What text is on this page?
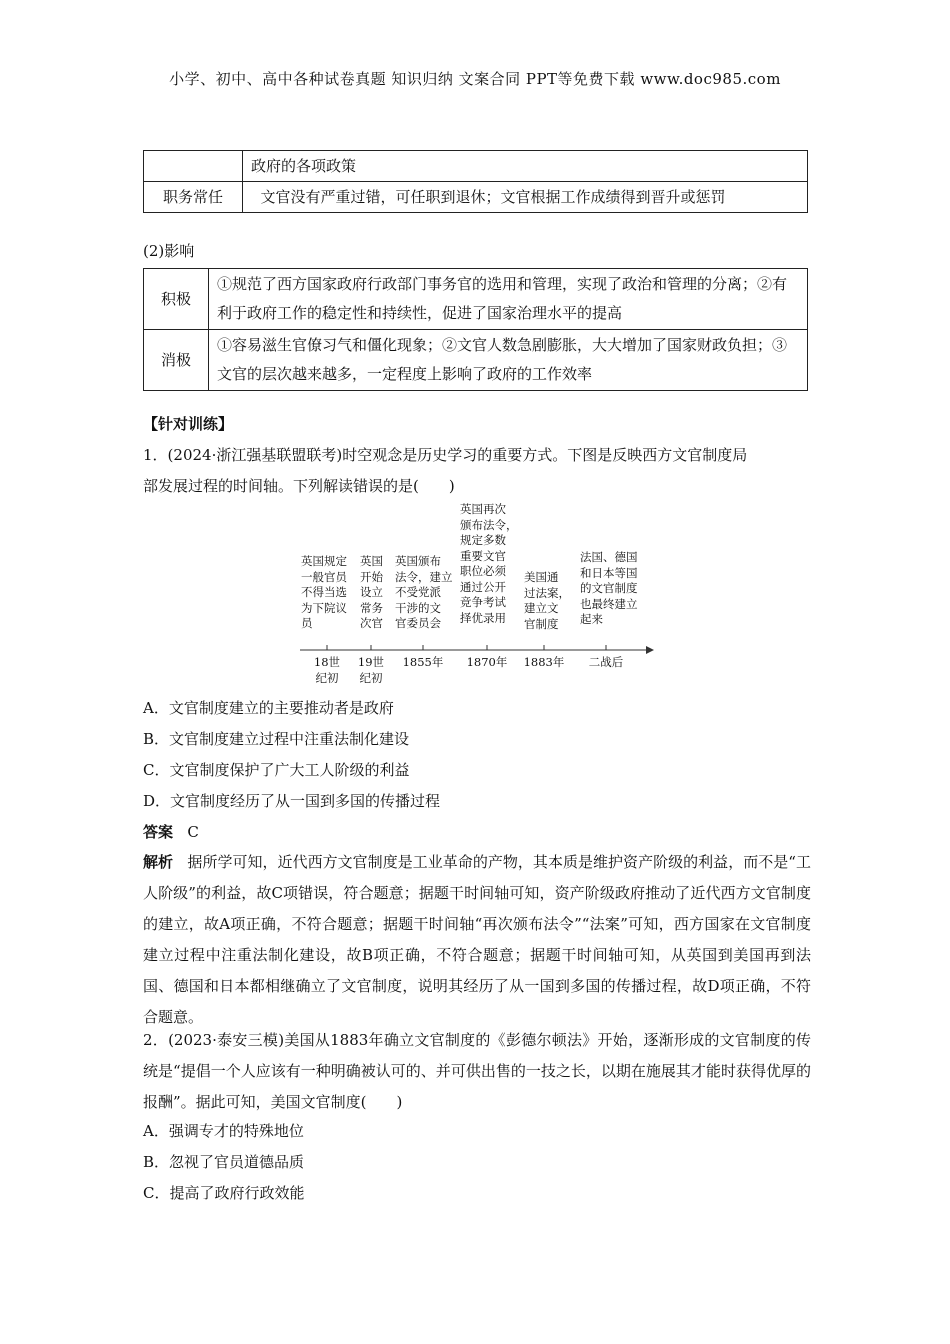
小学、初中、高中各种试卷真题 知识归纳 文案合同 PPT等免费下载 www.doc985.com
	政府的各项政策
职务常任	文官没有严重过错，可任职到退休；文官根据工作成绩得到晋升或惩罚
(2)影响
积极	①规范了西方国家政府行政部门事务官的选用和管理，实现了政治和管理的分离；②有利于政府工作的稳定性和持续性，促进了国家治理水平的提高
消极	①容易滋生官僚习气和僵化现象；②文官人数急剧膨胀，大大增加了国家财政负担；③文官的层次越来越多，一定程度上影响了政府的工作效率
【针对训练】
1．(2024·浙江强基联盟联考)时空观念是历史学习的重要方式。下图是反映西方文官制度局
部发展过程的时间轴。下列解读错误的是(　　)
英国规定
一般官员
不得当选
为下院议
员
英国
开始
设立
常务
次官
英国颁布
法令，建立
不受党派
干涉的文
官委员会
英国再次
颁布法令，
规定多数
重要文官
职位必须
通过公开
竞争考试
择优录用
美国通
过法案，
建立文
官制度
法国、德国
和日本等国
的文官制度
也最终建立
起来
18世
纪初
19世
纪初
1855年	1870年	1883年	二战后
A．文官制度建立的主要推动者是政府
B．文官制度建立过程中注重法制化建设
C．文官制度保护了广大工人阶级的利益
D．文官制度经历了从一国到多国的传播过程
答案 C
解析 据所学可知，近代西方文官制度是工业革命的产物，其本质是维护资产阶级的利益，而不是“工人阶级”的利益，故C项错误，符合题意；据题干时间轴可知，资产阶级政府推动了近代西方文官制度的建立，故A项正确，不符合题意；据题干时间轴“再次颁布法令”“法案”可知，西方国家在文官制度建立过程中注重法制化建设，故B项正确，不符合题意；据题干时间轴可知，从英国到美国再到法国、德国和日本都相继确立了文官制度，说明其经历了从一国到多国的传播过程，故D项正确，不符合题意。
2．(2023·泰安三模)美国从1883年确立文官制度的《彭德尔顿法》开始，逐渐形成的文官制度的传统是“提倡一个人应该有一种明确被认可的、并可供出售的一技之长，以期在施展其才能时获得优厚的报酬”。据此可知，美国文官制度(　　)
A．强调专才的特殊地位
B．忽视了官员道德品质
C．提高了政府行政效能
